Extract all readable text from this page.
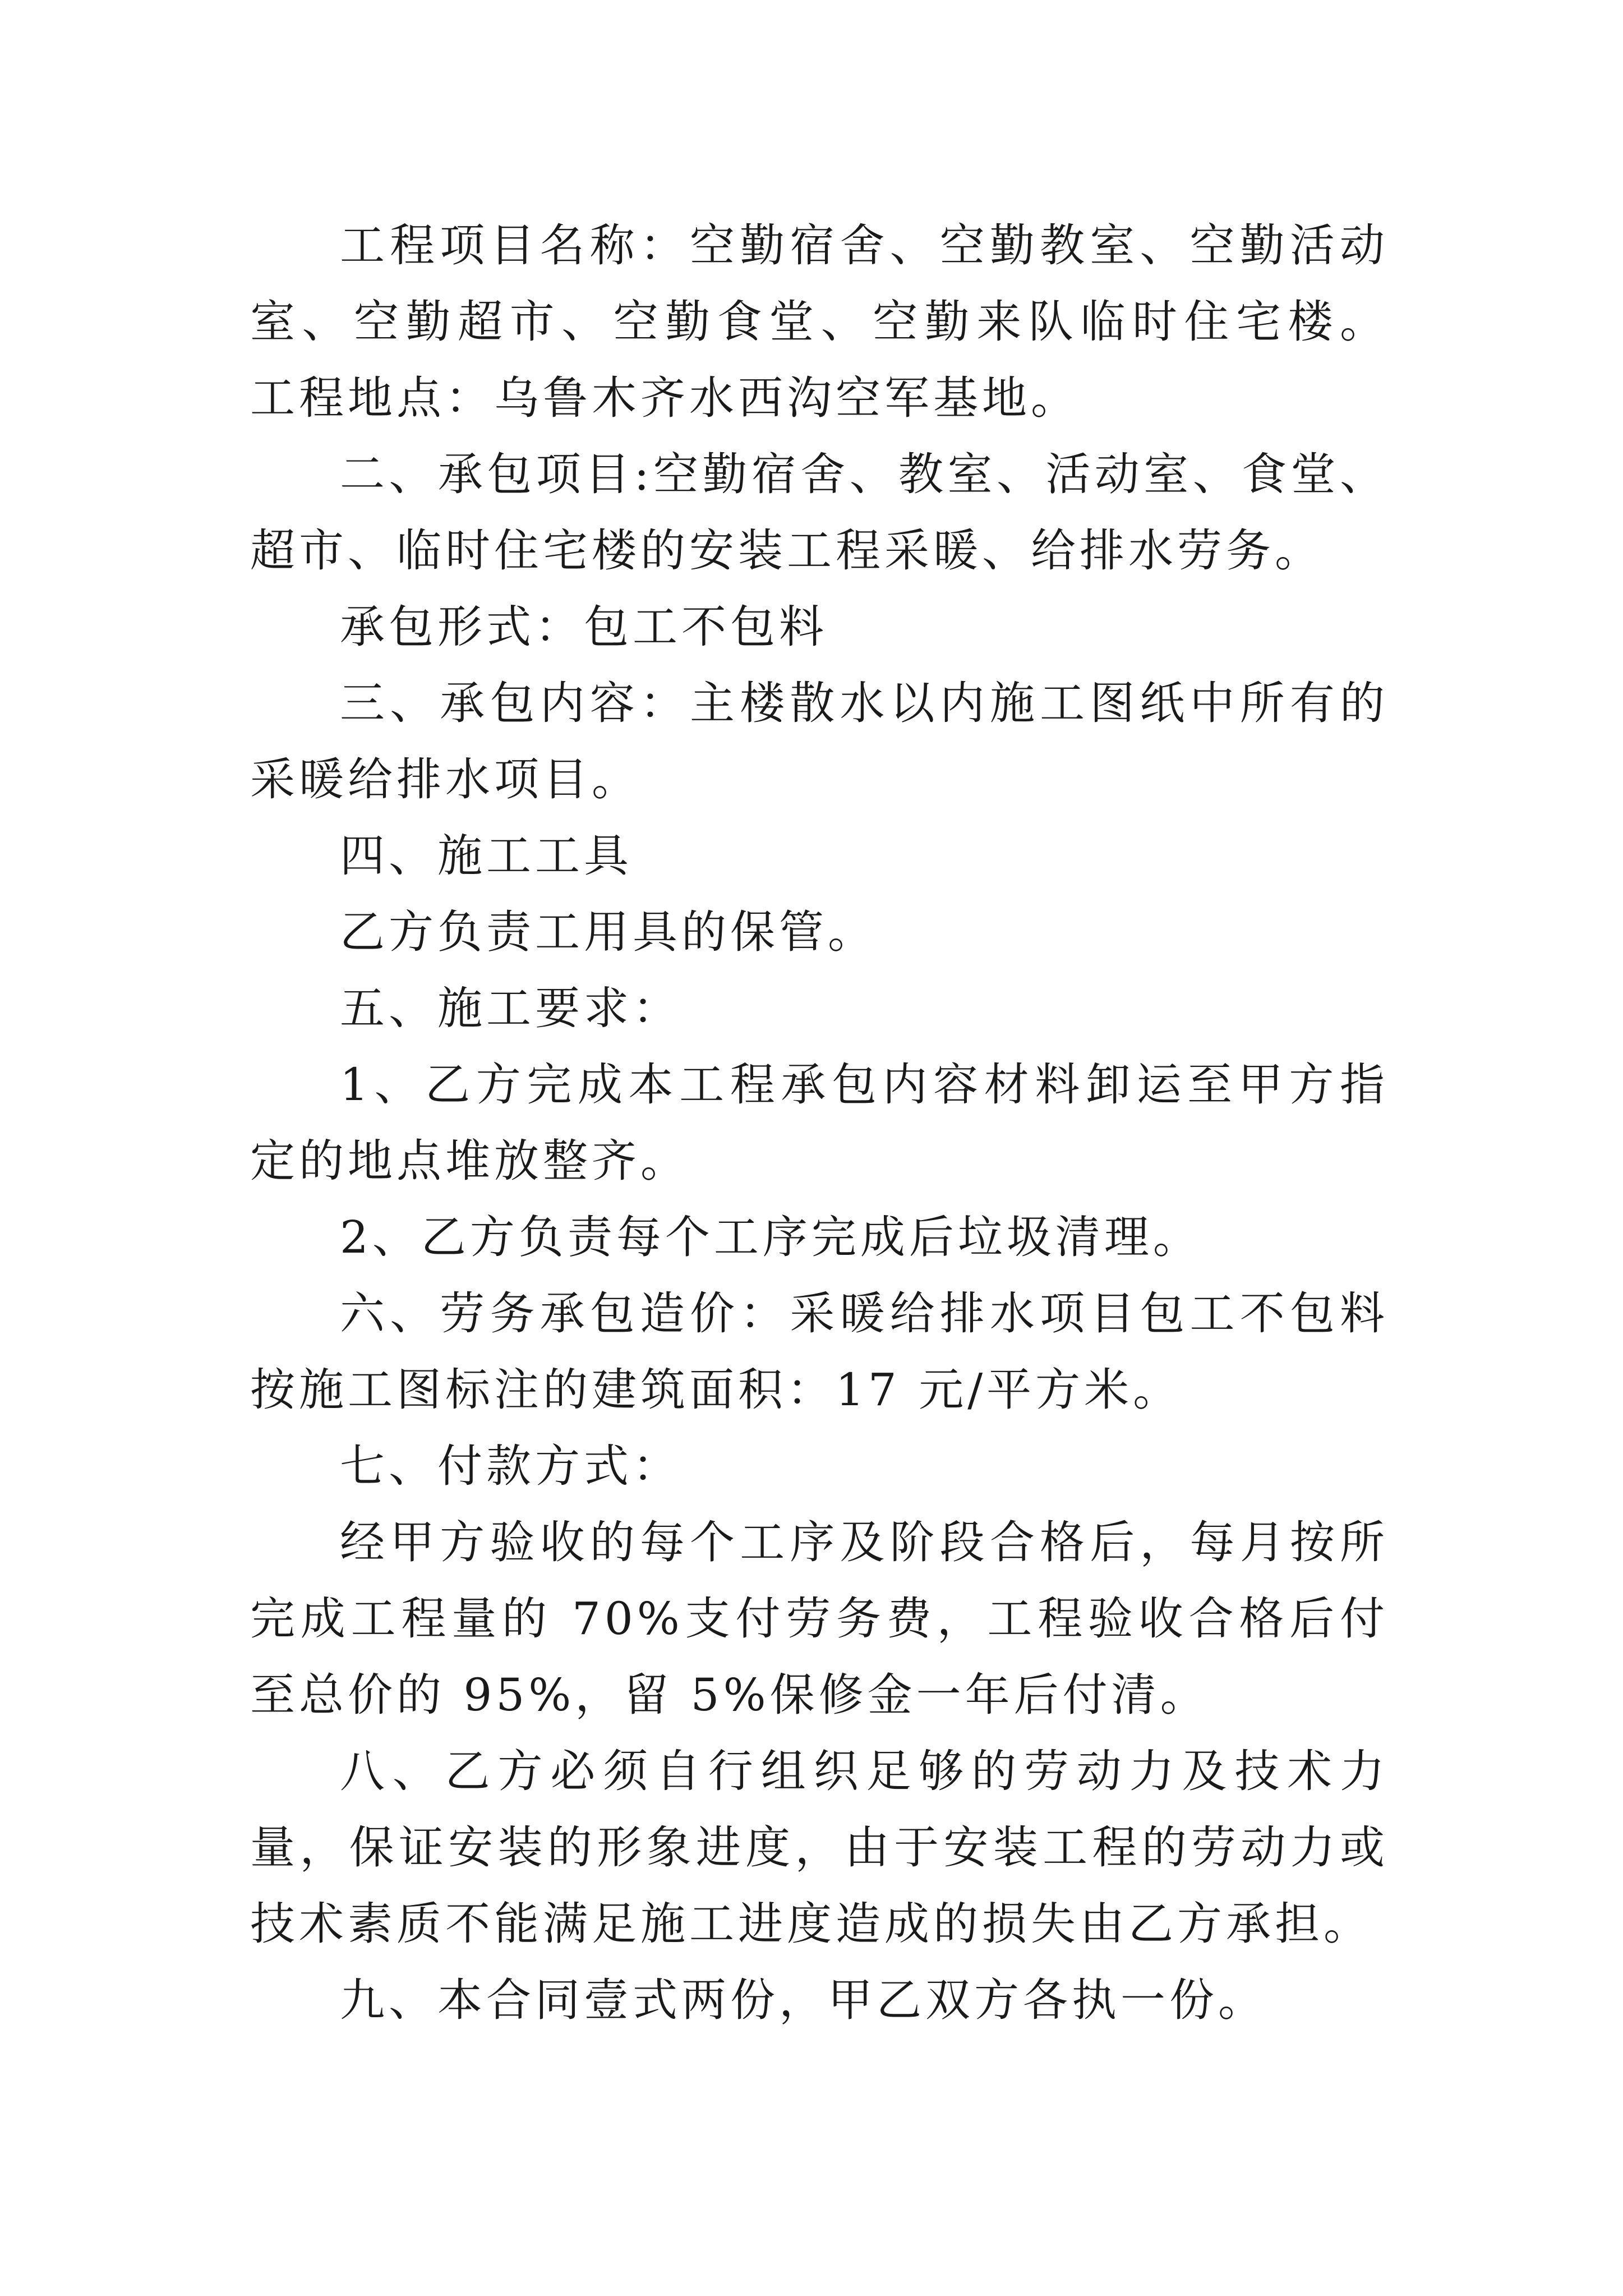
工程项目名称：空勤宿舍、空勤教室、空勤活动室、空勤超市、空勤食堂、空勤来队临时住宅楼。 工程地点：乌鲁木齐水西沟空军基地。

二、承包项目:空勤宿舍、教室、活动室、食堂、超市、临时住宅楼的安装工程采暖、给排水劳务。

承包形式：包工不包料

三、承包内容：主楼散水以内施工图纸中所有的采暖给排水项目。

四、施工工具

乙方负责工用具的保管。

五、施工要求：

1、乙方完成本工程承包内容材料卸运至甲方指定的地点堆放整齐。

2、乙方负责每个工序完成后垃圾清理。

六、劳务承包造价：采暖给排水项目包工不包料按施工图标注的建筑面积：17 元/平方米。

七、付款方式：

经甲方验收的每个工序及阶段合格后，每月按所完成工程量的 70%支付劳务费，工程验收合格后付至总价的 95%，留 5%保修金一年后付清。

八、乙方必须自行组织足够的劳动力及技术力量，保证安装的形象进度，由于安装工程的劳动力或技术素质不能满足施工进度造成的损失由乙方承担。

九、本合同壹式两份，甲乙双方各执一份。
